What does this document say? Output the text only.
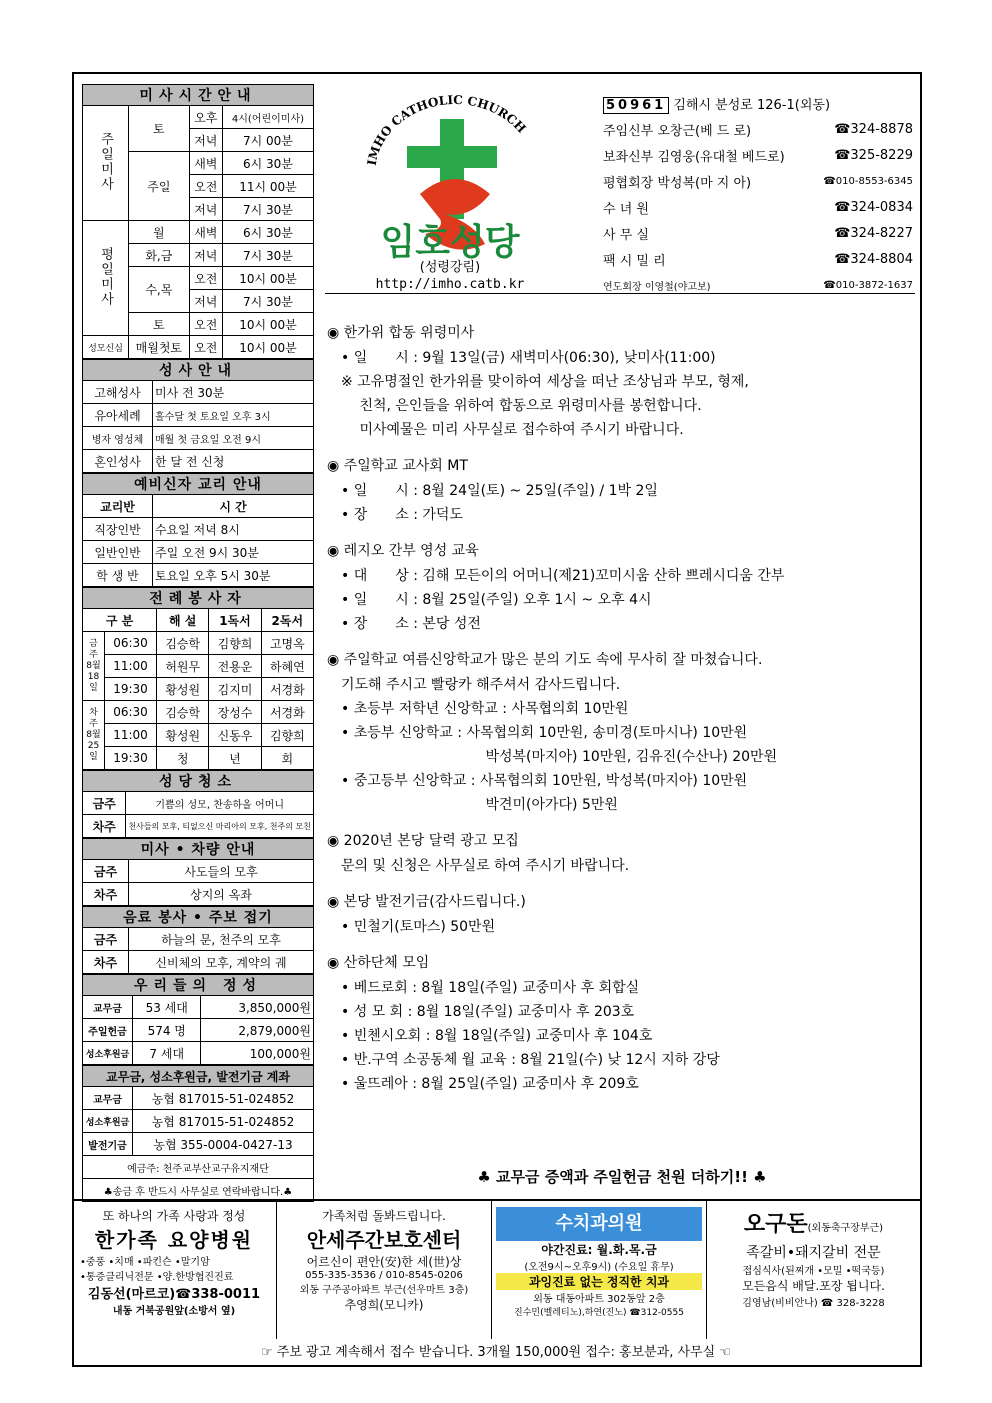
미사시간안내			
주일미사	토	오후	4시(어린이미사)
		저녁	7시 00분
	주일	새벽	6시 30분
		오전	11시 00분
		저녁	7시 30분
평일미사	월	새벽	6시 30분
	화,금	저녁	7시 30분
	수,목	오전	10시 00분
		저녁	7시 30분
	토	오전	10시 00분
성모신심	매월첫토	오전	10시 00분
성사안내	
고해성사	미사 전 30분
유아세례	홀수달 첫 토요일 오후 3시
병자 영성체	매월 첫 금요일 오전 9시
혼인성사	한 달 전 신청
예비신자 교리 안내	
교리반	시 간
직장인반	수요일 저녁 8시
일반인반	주일 오전 9시 30분
학 생 반	토요일 오후 5시 30분
전례봉사자				
구 분		해 설	1독서	2독서
금주 8월 18일	06:30	김승학	김향희	고명옥
	11:00	허원무	전용운	하혜연
	19:30	황성원	김지미	서경화
차주 8월 25일	06:30	김승학	장성수	서경화
	11:00	황성원	신동우	김향희
	19:30	청	년	회
성당청소	
금주	기쁨의 성모, 찬송하올 어머니
차주	천사들의 모후, 티없으신 마리아의 모후, 천주의 모친
미사 • 차량 안내	
금주	사도들의 모후
차주	상지의 옥좌
음료 봉사 • 주보 접기	
금주	하늘의 문, 천주의 모후
차주	신비체의 모후, 계약의 궤
우리들의 정성		
교무금	53 세대	3,850,000원
주일헌금	574 명	2,879,000원
성소후원금	7 세대	100,000원
교무금, 성소후원금, 발전기금 계좌	
교무금	농협 817015-51-024852
성소후원금	농협 817015-51-024852
발전기금	농협 355-0004-0427-13
예금주: 천주교부산교구유지재단	
♣송금 후 반드시 사무실로 연락바랍니다.♣	
IMHO CATHOLIC CHURCH
임호성당
(성령강림)
http://imho.catb.kr
50961 김해시 분성로 126-1(외동)
주임신부 오창근(베 드 로)	☎324-8878
보좌신부 김영웅(유대철 베드로)	☎325-8229
평협회장 박성복(마 지 아)	☎010-8553-6345
수 녀 원	☎324-0834
사 무 실	☎324-8227
팩 시 밀 리	☎324-8804
연도회장 이영철(야고보)	☎010-3872-1637
◉ 한가위 합동 위령미사

• 일　　시 : 9월 13일(금) 새벽미사(06:30), 낮미사(11:00)

※ 고유명절인 한가위를 맞이하여 세상을 떠난 조상님과 부모, 형제,

　 친척, 은인들을 위하여 합동으로 위령미사를 봉헌합니다.

　 미사예물은 미리 사무실로 접수하여 주시기 바랍니다.

◉ 주일학교 교사회 MT

• 일　　시 : 8월 24일(토) ~ 25일(주일) / 1박 2일

• 장　　소 : 가덕도

◉ 레지오 간부 영성 교육

• 대　　상 : 김해 모든이의 어머니(제21)꼬미시움 산하 쁘레시디움 간부

• 일　　시 : 8월 25일(주일) 오후 1시 ~ 오후 4시

• 장　　소 : 본당 성전

◉ 주일학교 여름신앙학교가 많은 분의 기도 속에 무사히 잘 마쳤습니다.

기도해 주시고 빨랑카 해주셔서 감사드립니다.

• 초등부 저학년 신앙학교 : 사목협의회 10만원

• 초등부 신앙학교 : 사목협의회 10만원, 송미경(토마시나) 10만원

　　　　　　　　　　 박성복(마지아) 10만원, 김유진(수산나) 20만원

• 중고등부 신앙학교 : 사목협의회 10만원, 박성복(마지아) 10만원

　　　　　　　　　　 박견미(아가다) 5만원

◉ 2020년 본당 달력 광고 모집

문의 및 신청은 사무실로 하여 주시기 바랍니다.

◉ 본당 발전기금(감사드립니다.)

• 민철기(토마스) 50만원

◉ 산하단체 모임

• 베드로회 : 8월 18일(주일) 교중미사 후 회합실

• 성 모 회 : 8월 18일(주일) 교중미사 후 203호

• 빈첸시오회 : 8월 18일(주일) 교중미사 후 104호

• 반.구역 소공동체 월 교육 : 8월 21일(수) 낮 12시 지하 강당

• 울뜨레아 : 8월 25일(주일) 교중미사 후 209호

♣ 교무금 증액과 주일헌금 천원 더하기!! ♣
또 하나의 가족 사랑과 정성
한가족 요양병원
•중풍 •치매 •파킨슨 •말기암
•통증클리닉전문 •양.한방협진진료
김동선(마르코)☎338-0011
내동 거북공원앞(소방서 옆)
가족처럼 돌봐드립니다.
안세주간보호센터
어르신이 편안(安)한 세(世)상
055-335-3536 / 010-8545-0206
외동 구주공아파트 부근(선우마트 3층)
추영희(모니카)
수치과의원
야간진료: 월.화.목.금
(오전9시~오후9시) (수요일 휴무)
과잉진료 없는 정직한 치과
외동 대동아파트 302동앞 2층
진수민(벨레티노),하연(진노) ☎312-0555
오구돈(외동축구장부근)
족갈비•돼지갈비 전문
접심식사(된찌개 •모밀 •떡국등)
모든음식 배달.포장 됩니다.
김영남(비비안나) ☎ 328-3228
☞ 주보 광고 계속해서 접수 받습니다. 3개월 150,000원 접수: 홍보분과, 사무실 ☜
